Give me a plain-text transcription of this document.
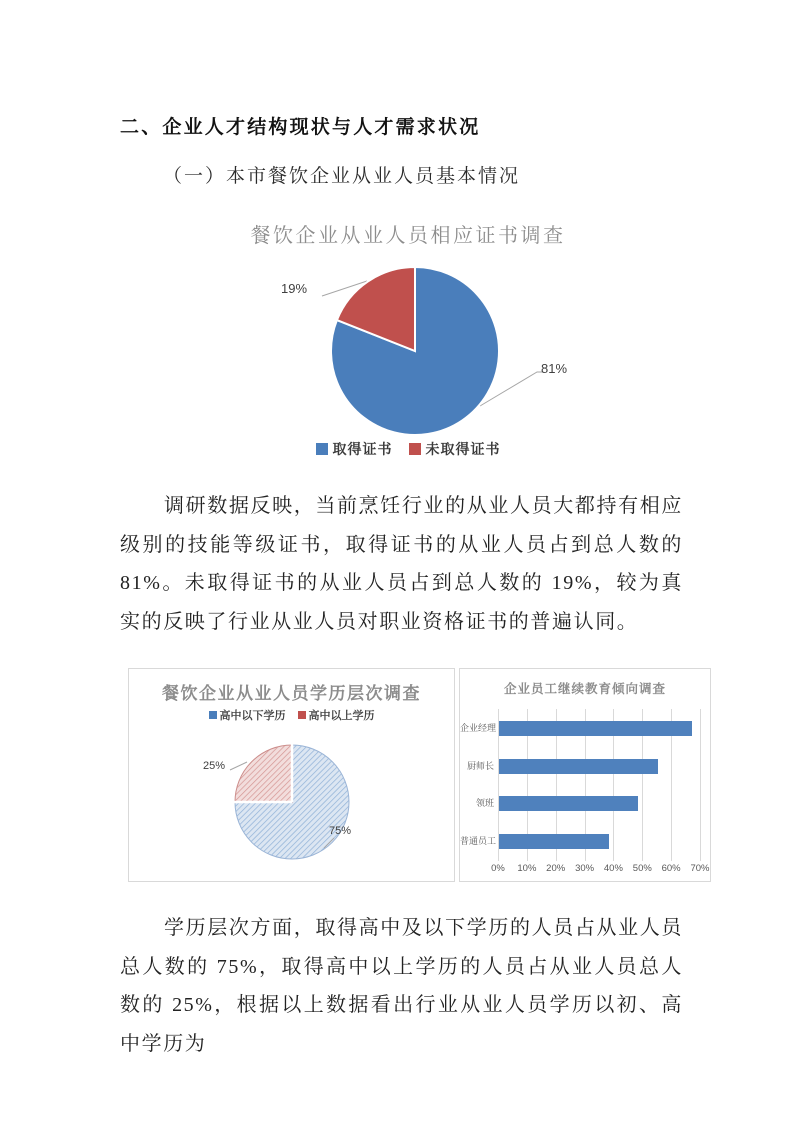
二、企业人才结构现状与人才需求状况
（一）本市餐饮企业从业人员基本情况
餐饮企业从业人员相应证书调查
19%
81%
取得证书 未取得证书

调研数据反映，当前烹饪行业的从业人员大都持有相应级别的技能等级证书，取得证书的从业人员占到总人数的 81%。未取得证书的从业人员占到总人数的 19%，较为真实的反映了行业从业人员对职业资格证书的普遍认同。

餐饮企业从业人员学历层次调查
高中以下学历 高中以上学历
25%
75%
企业员工继续教育倾向调查
企业经理
厨师长
领班
普通员工
0%	10%	20%	30%	40%	50%	60%	70%

学历层次方面，取得高中及以下学历的人员占从业人员总人数的 75%，取得高中以上学历的人员占从业人员总人数的 25%，根据以上数据看出行业从业人员学历以初、高中学历为
